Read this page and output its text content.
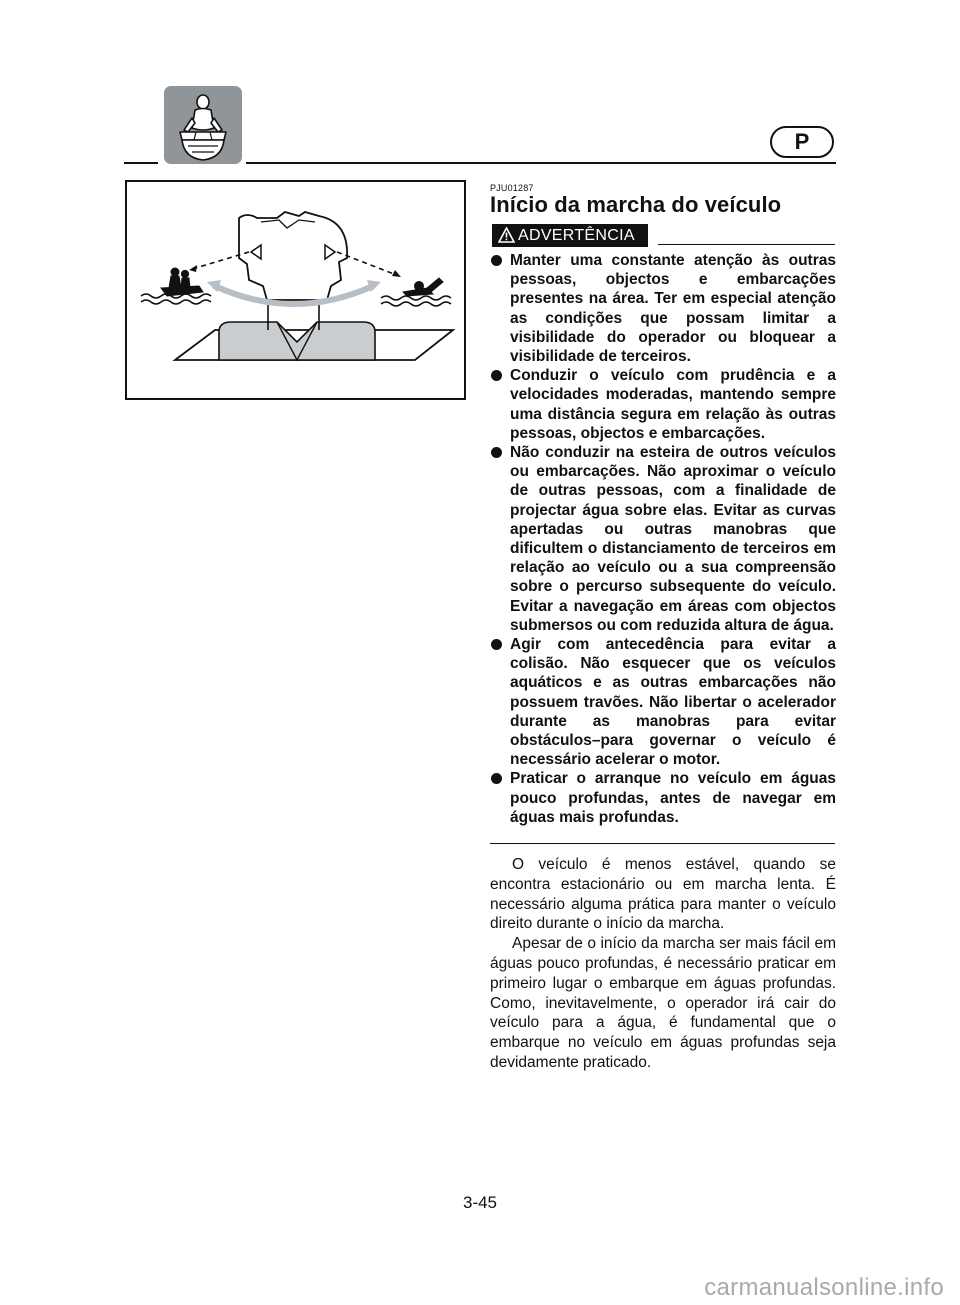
P
PJU01287
Início da marcha do veículo
ADVERTÊNCIA
Manter uma constante atenção às outras pessoas, objectos e embarcações presentes na área. Ter em especial atenção as condições que possam limitar a visibilidade do operador ou bloquear a visibilidade de terceiros.
Conduzir o veículo com prudência e a velocidades moderadas, mantendo sempre uma distância segura em relação às outras pessoas, objectos e embarcações.
Não conduzir na esteira de outros veículos ou embarcações. Não aproximar o veículo de outras pessoas, com a finalidade de projectar água sobre elas. Evitar as curvas apertadas ou outras manobras que dificultem o distanciamento de terceiros em relação ao veículo ou a sua compreensão sobre o percurso subsequente do veículo. Evitar a navegação em áreas com objectos submersos ou com reduzida altura de água.
Agir com antecedência para evitar a colisão. Não esquecer que os veículos aquáticos e as outras embarcações não possuem travões. Não libertar o acelerador durante as manobras para evitar obstáculos–para governar o veículo é necessário acelerar o motor.
Praticar o arranque no veículo em águas pouco profundas, antes de navegar em águas mais profundas.

O veículo é menos estável, quando se encontra estacionário ou em marcha lenta. É necessário alguma prática para manter o veículo direito durante o início da marcha.

Apesar de o início da marcha ser mais fácil em águas pouco profundas, é necessário praticar em primeiro lugar o embarque em águas profundas. Como, inevitavelmente, o operador irá cair do veículo para a água, é fundamental que o embarque no veículo em águas profundas seja devidamente praticado.

3-45
carmanualsonline.info
